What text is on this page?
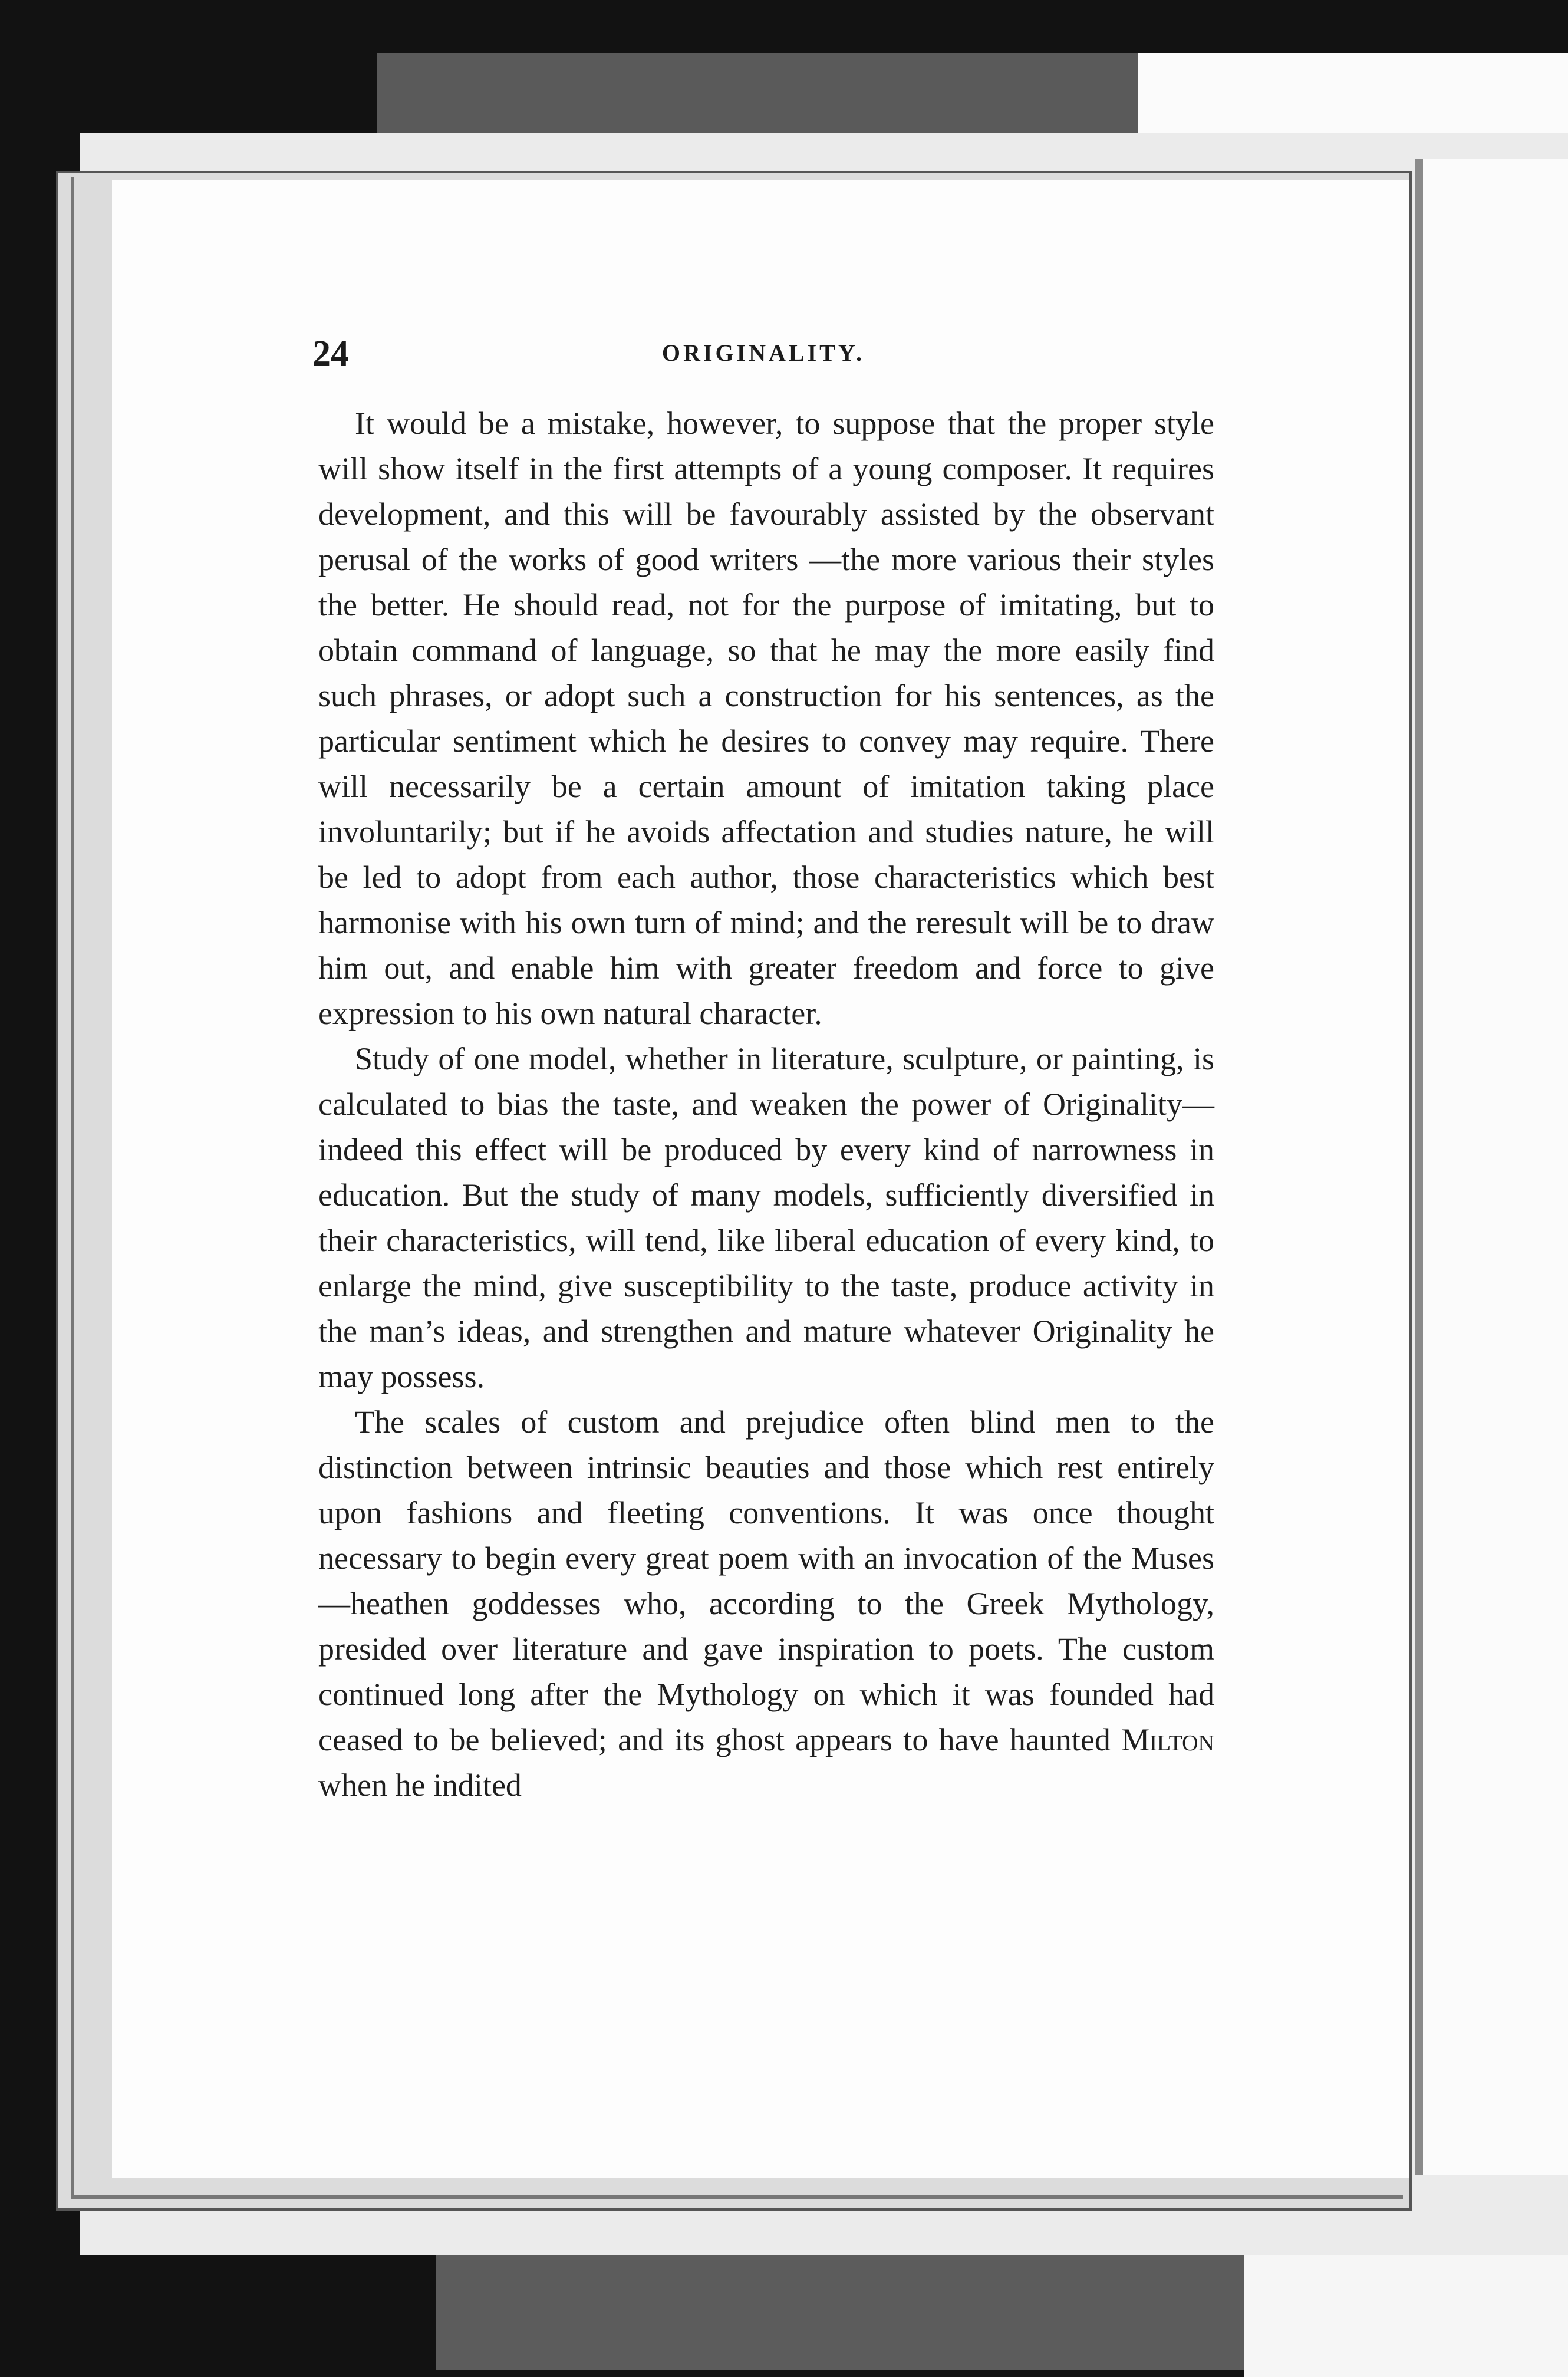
24	ORIGINALITY.

It would be a mistake, however, to suppose that the proper style will show itself in the first attempts of a young composer. It requires development, and this will be favourably assisted by the observant perusal of the works of good writers —the more various their styles the better. He should read, not for the purpose of imitating, but to obtain command of language, so that he may the more easily find such phrases, or adopt such a construction for his sentences, as the particular sentiment which he desires to convey may require. There will necessarily be a certain amount of imitation taking place involuntarily; but if he avoids affectation and studies nature, he will be led to adopt from each author, those characteristics which best harmonise with his own turn of mind; and the reresult will be to draw him out, and enable him with greater freedom and force to give expression to his own natural character.

Study of one model, whether in literature, sculpture, or painting, is calculated to bias the taste, and weaken the power of Originality—indeed this effect will be produced by every kind of narrowness in education. But the study of many models, sufficiently diversified in their characteristics, will tend, like liberal education of every kind, to enlarge the mind, give susceptibility to the taste, produce activity in the man’s ideas, and strengthen and mature whatever Originality he may possess.

The scales of custom and prejudice often blind men to the distinction between intrinsic beauties and those which rest entirely upon fashions and fleeting conventions. It was once thought necessary to begin every great poem with an invocation of the Muses—heathen goddesses who, according to the Greek Mythology, presided over literature and gave inspiration to poets. The custom continued long after the Mythology on which it was founded had ceased to be believed; and its ghost appears to have haunted Milton when he indited
